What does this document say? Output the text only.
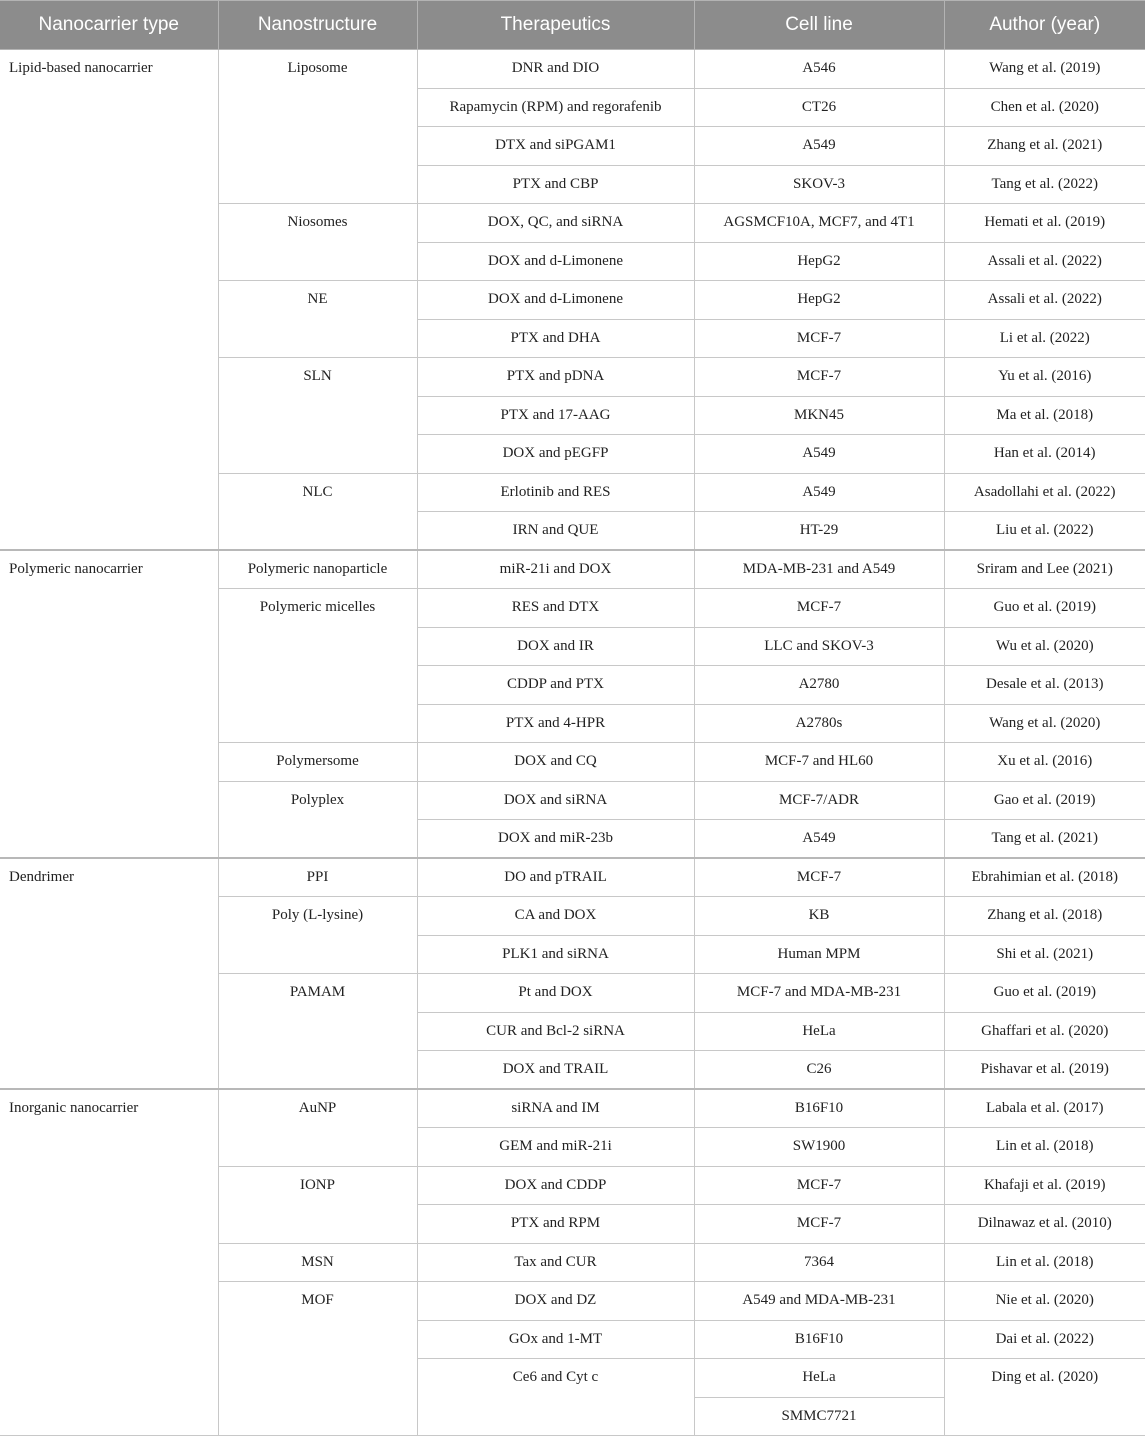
Nanocarrier type	Nanostructure	Therapeutics	Cell line	Author (year)
Lipid-based nanocarrier	Liposome	DNR and DIO	A546	Wang et al. (2019)
		Rapamycin (RPM) and regorafenib	CT26	Chen et al. (2020)
		DTX and siPGAM1	A549	Zhang et al. (2021)
		PTX and CBP	SKOV-3	Tang et al. (2022)
	Niosomes	DOX, QC, and siRNA	AGSMCF10A, MCF7, and 4T1	Hemati et al. (2019)
		DOX and d-Limonene	HepG2	Assali et al. (2022)
	NE	DOX and d-Limonene	HepG2	Assali et al. (2022)
		PTX and DHA	MCF-7	Li et al. (2022)
	SLN	PTX and pDNA	MCF-7	Yu et al. (2016)
		PTX and 17-AAG	MKN45	Ma et al. (2018)
		DOX and pEGFP	A549	Han et al. (2014)
	NLC	Erlotinib and RES	A549	Asadollahi et al. (2022)
		IRN and QUE	HT-29	Liu et al. (2022)
Polymeric nanocarrier	Polymeric nanoparticle	miR-21i and DOX	MDA-MB-231 and A549	Sriram and Lee (2021)
	Polymeric micelles	RES and DTX	MCF-7	Guo et al. (2019)
		DOX and IR	LLC and SKOV-3	Wu et al. (2020)
		CDDP and PTX	A2780	Desale et al. (2013)
		PTX and 4-HPR	A2780s	Wang et al. (2020)
	Polymersome	DOX and CQ	MCF-7 and HL60	Xu et al. (2016)
	Polyplex	DOX and siRNA	MCF-7/ADR	Gao et al. (2019)
		DOX and miR-23b	A549	Tang et al. (2021)
Dendrimer	PPI	DO and pTRAIL	MCF-7	Ebrahimian et al. (2018)
	Poly (L-lysine)	CA and DOX	KB	Zhang et al. (2018)
		PLK1 and siRNA	Human MPM	Shi et al. (2021)
	PAMAM	Pt and DOX	MCF-7 and MDA-MB-231	Guo et al. (2019)
		CUR and Bcl-2 siRNA	HeLa	Ghaffari et al. (2020)
		DOX and TRAIL	C26	Pishavar et al. (2019)
Inorganic nanocarrier	AuNP	siRNA and IM	B16F10	Labala et al. (2017)
		GEM and miR-21i	SW1900	Lin et al. (2018)
	IONP	DOX and CDDP	MCF-7	Khafaji et al. (2019)
		PTX and RPM	MCF-7	Dilnawaz et al. (2010)
	MSN	Tax and CUR	7364	Lin et al. (2018)
	MOF	DOX and DZ	A549 and MDA-MB-231	Nie et al. (2020)
		GOx and 1-MT	B16F10	Dai et al. (2022)
		Ce6 and Cyt c	HeLa	Ding et al. (2020)
			SMMC7721	
